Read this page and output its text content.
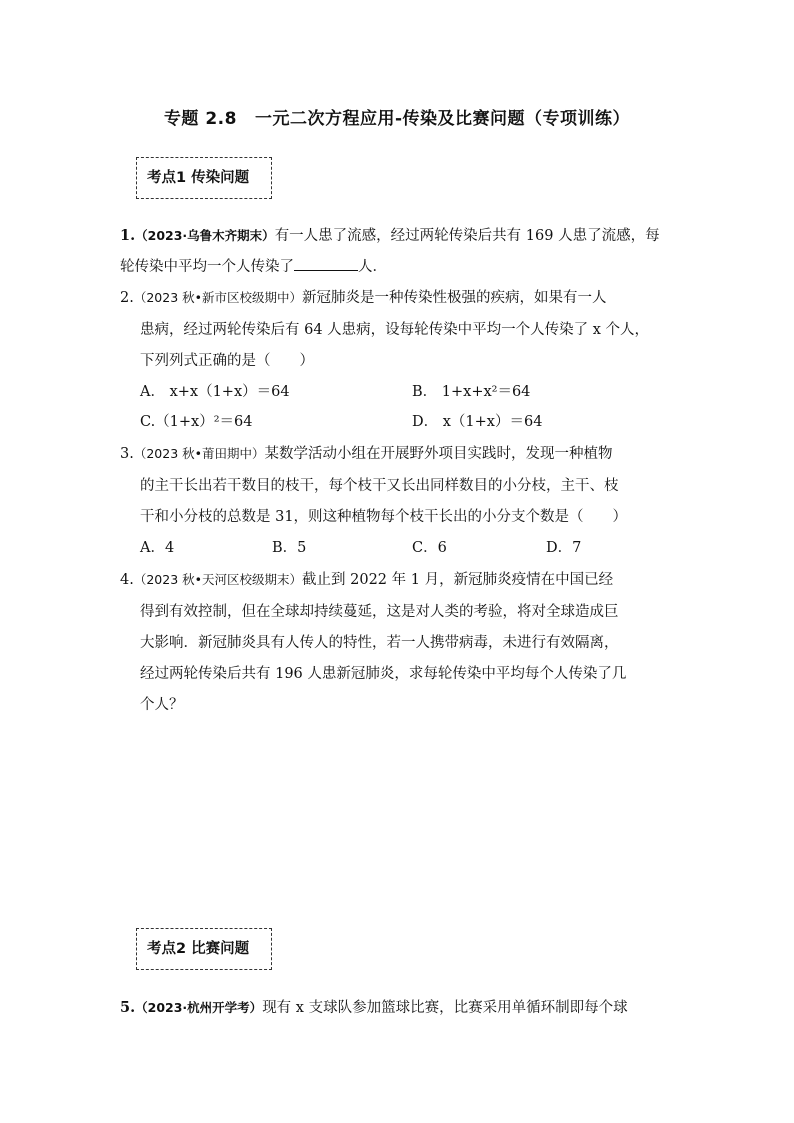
专题 2.8 一元二次方程应用-传染及比赛问题（专项训练）
考点1 传染问题
1.（2023·乌鲁木齐期末）有一人患了流感，经过两轮传染后共有 169 人患了流感，每
轮传染中平均一个人传染了	人．
2.（2023 秋•新市区校级期中）新冠肺炎是一种传染性极强的疾病，如果有一人
患病，经过两轮传染后有 64 人患病，设每轮传染中平均一个人传染了 x 个人，
下列列式正确的是（　　）
A． x+x（1+x）＝64	B． 1+x+x²＝64
C.（1+x）²＝64	D． x（1+x）＝64
3.（2023 秋•莆田期中）某数学活动小组在开展野外项目实践时，发现一种植物
的主干长出若干数目的枝干，每个枝干又长出同样数目的小分枝，主干、枝
干和小分枝的总数是 31，则这种植物每个枝干长出的小分支个数是（　　）
A．4	B．5	C．6	D．7
4.（2023 秋•天河区校级期末）截止到 2022 年 1 月，新冠肺炎疫情在中国已经
得到有效控制，但在全球却持续蔓延，这是对人类的考验，将对全球造成巨
大影响．新冠肺炎具有人传人的特性，若一人携带病毒，未进行有效隔离，
经过两轮传染后共有 196 人患新冠肺炎，求每轮传染中平均每个人传染了几
个人？
考点2 比赛问题
5.（2023·杭州开学考）现有 x 支球队参加篮球比赛，比赛采用单循环制即每个球
